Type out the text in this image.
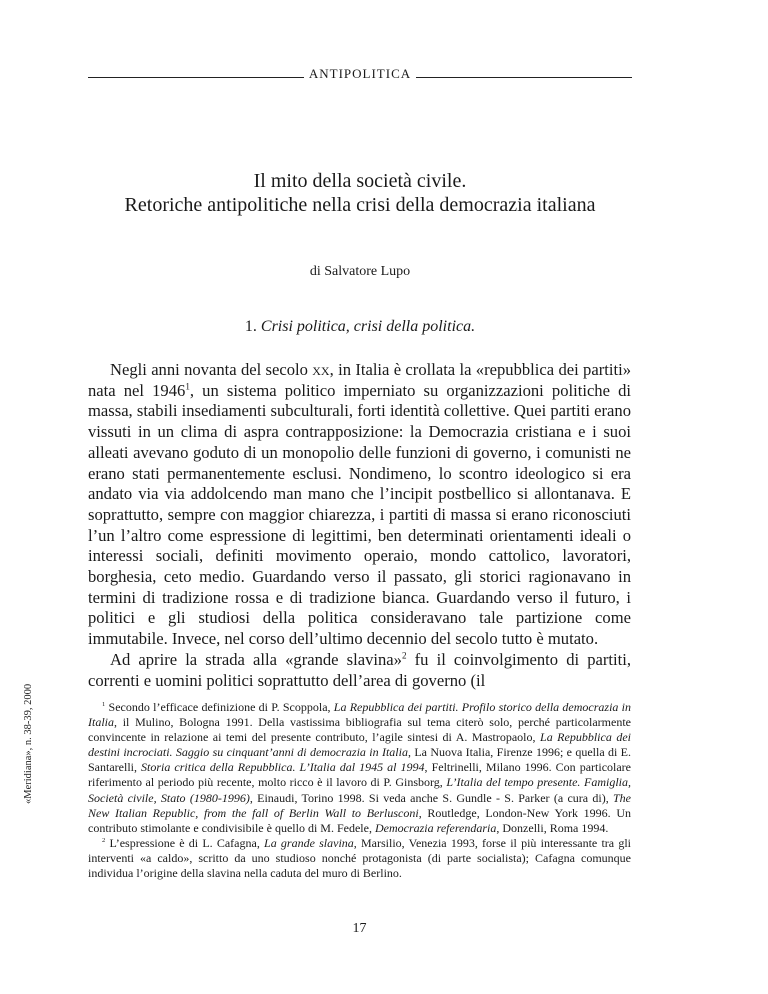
ANTIPOLITICA
«Meridiana», n. 38-39, 2000
Il mito della società civile.
Retoriche antipolitiche nella crisi della democrazia italiana
di Salvatore Lupo
1. Crisi politica, crisi della politica.

Negli anni novanta del secolo xx, in Italia è crollata la «repubblica dei partiti» nata nel 1946$^1$, un sistema politico imperniato su organizzazioni politiche di massa, stabili insediamenti subculturali, forti identità collettive. Quei partiti erano vissuti in un clima di aspra contrapposizione: la Democrazia cristiana e i suoi alleati avevano goduto di un monopolio delle funzioni di governo, i comunisti ne erano stati permanentemente esclusi. Nondimeno, lo scontro ideologico si era andato via via addolcendo man mano che l’incipit postbellico si allontanava. E soprattutto, sempre con maggior chiarezza, i partiti di massa si erano riconosciuti l’un l’altro come espressione di legittimi, ben determinati orientamenti ideali o interessi sociali, definiti movimento operaio, mondo cattolico, lavoratori, borghesia, ceto medio. Guardando verso il passato, gli storici ragionavano in termini di tradizione rossa e di tradizione bianca. Guardando verso il futuro, i politici e gli studiosi della politica consideravano tale partizione come immutabile. Invece, nel corso dell’ultimo decennio del secolo tutto è mutato.

Ad aprire la strada alla «grande slavina»$^2$ fu il coinvolgimento di partiti, correnti e uomini politici soprattutto dell’area di governo (il

$^1$ Secondo l’efficace definizione di P. Scoppola, La Repubblica dei partiti. Profilo storico della democrazia in Italia, il Mulino, Bologna 1991. Della vastissima bibliografia sul tema citerò solo, perché particolarmente convincente in relazione ai temi del presente contributo, l’agile sintesi di A. Mastropaolo, La Repubblica dei destini incrociati. Saggio su cinquant’anni di democrazia in Italia, La Nuova Italia, Firenze 1996; e quella di E. Santarelli, Storia critica della Repubblica. L’Italia dal 1945 al 1994, Feltrinelli, Milano 1996. Con particolare riferimento al periodo più recente, molto ricco è il lavoro di P. Ginsborg, L’Italia del tempo presente. Famiglia, Società civile, Stato (1980-1996), Einaudi, Torino 1998. Si veda anche S. Gundle - S. Parker (a cura di), The New Italian Republic, from the fall of Berlin Wall to Berlusconi, Routledge, London-New York 1996. Un contributo stimolante e condivisibile è quello di M. Fedele, Democrazia referendaria, Donzelli, Roma 1994.

$^2$ L’espressione è di L. Cafagna, La grande slavina, Marsilio, Venezia 1993, forse il più interessante tra gli interventi «a caldo», scritto da uno studioso nonché protagonista (di parte socialista); Cafagna comunque individua l’origine della slavina nella caduta del muro di Berlino.

17
